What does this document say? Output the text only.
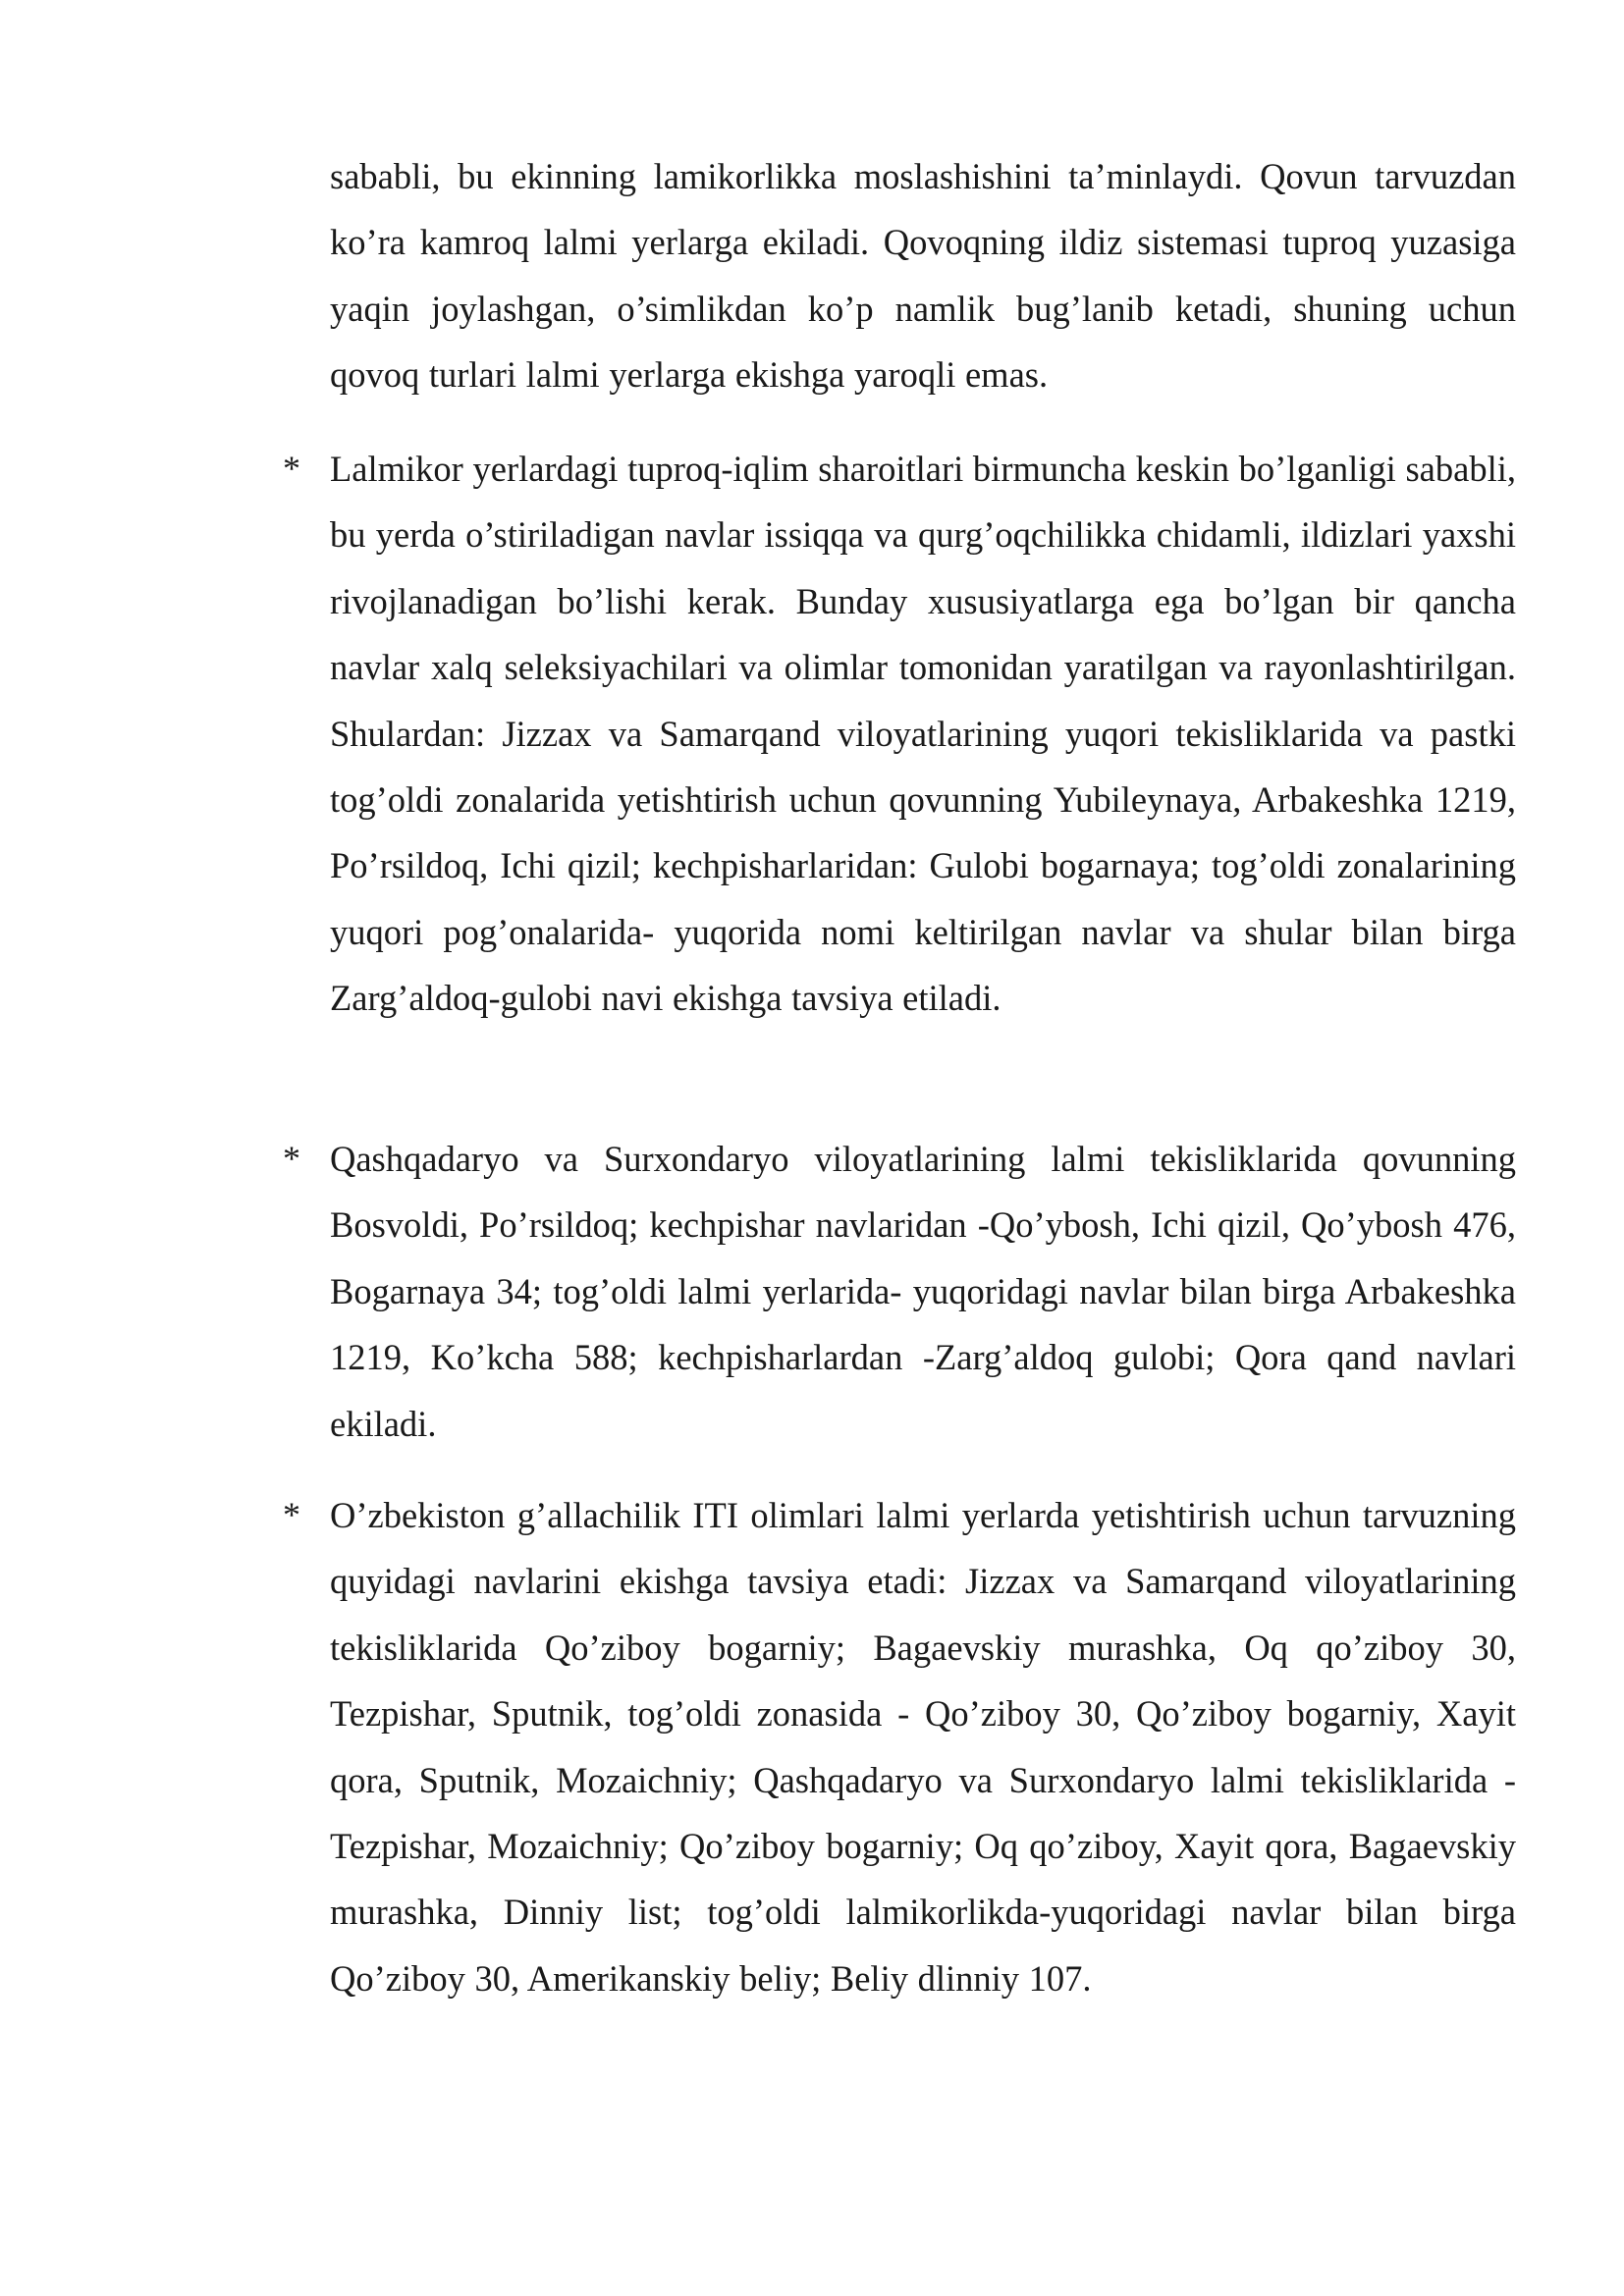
sababli, bu ekinning lamikorlikka moslashishini ta’minlaydi. Qovun tarvuzdan ko’ra kamroq lalmi yerlarga ekiladi. Qovoqning ildiz sistemasi tuproq yuzasiga yaqin joylashgan, o’simlikdan ko’p namlik bug’lanib ketadi, shuning uchun qovoq turlari lalmi yerlarga ekishga yaroqli emas.

* Lalmikor yerlardagi tuproq-iqlim sharoitlari birmuncha keskin bo’lganligi sababli, bu yerda o’stiriladigan navlar issiqqa va qurg’oqchilikka chidamli, ildizlari yaxshi rivojlanadigan bo’lishi kerak. Bunday xususiyatlarga ega bo’lgan bir qancha navlar xalq seleksiyachilari va olimlar tomonidan yaratilgan va rayonlashtirilgan. Shulardan: Jizzax va Samarqand viloyatlarining yuqori tekisliklarida va pastki tog’oldi zonalarida yetishtirish uchun qovunning Yubileynaya, Arbakeshka 1219, Po’rsildoq, Ichi qizil; kechpisharlaridan: Gulobi bogarnaya; tog’oldi zonalarining yuqori pog’onalarida- yuqorida nomi keltirilgan navlar va shular bilan birga Zarg’aldoq-gulobi navi ekishga tavsiya etiladi.

* Qashqadaryo va Surxondaryo viloyatlarining lalmi tekisliklarida qovunning Bosvoldi, Po’rsildoq; kechpishar navlaridan -Qo’ybosh, Ichi qizil, Qo’ybosh 476, Bogarnaya 34; tog’oldi lalmi yerlarida- yuqoridagi navlar bilan birga Arbakeshka 1219, Ko’kcha 588; kechpisharlardan -Zarg’aldoq gulobi; Qora qand navlari ekiladi.

* O’zbekiston g’allachilik ITI olimlari lalmi yerlarda yetishtirish uchun tarvuzning quyidagi navlarini ekishga tavsiya etadi: Jizzax va Samarqand viloyatlarining tekisliklarida Qo’ziboy bogarniy; Bagaevskiy murashka, Oq qo’ziboy 30, Tezpishar, Sputnik, tog’oldi zonasida - Qo’ziboy 30, Qo’ziboy bogarniy, Xayit qora, Sputnik, Mozaichniy; Qashqadaryo va Surxondaryo lalmi tekisliklarida - Tezpishar, Mozaichniy; Qo’ziboy bogarniy; Oq qo’ziboy, Xayit qora, Bagaevskiy murashka, Dinniy list; tog’oldi lalmikorlikda-yuqoridagi navlar bilan birga Qo’ziboy 30, Amerikanskiy beliy; Beliy dlinniy 107.
